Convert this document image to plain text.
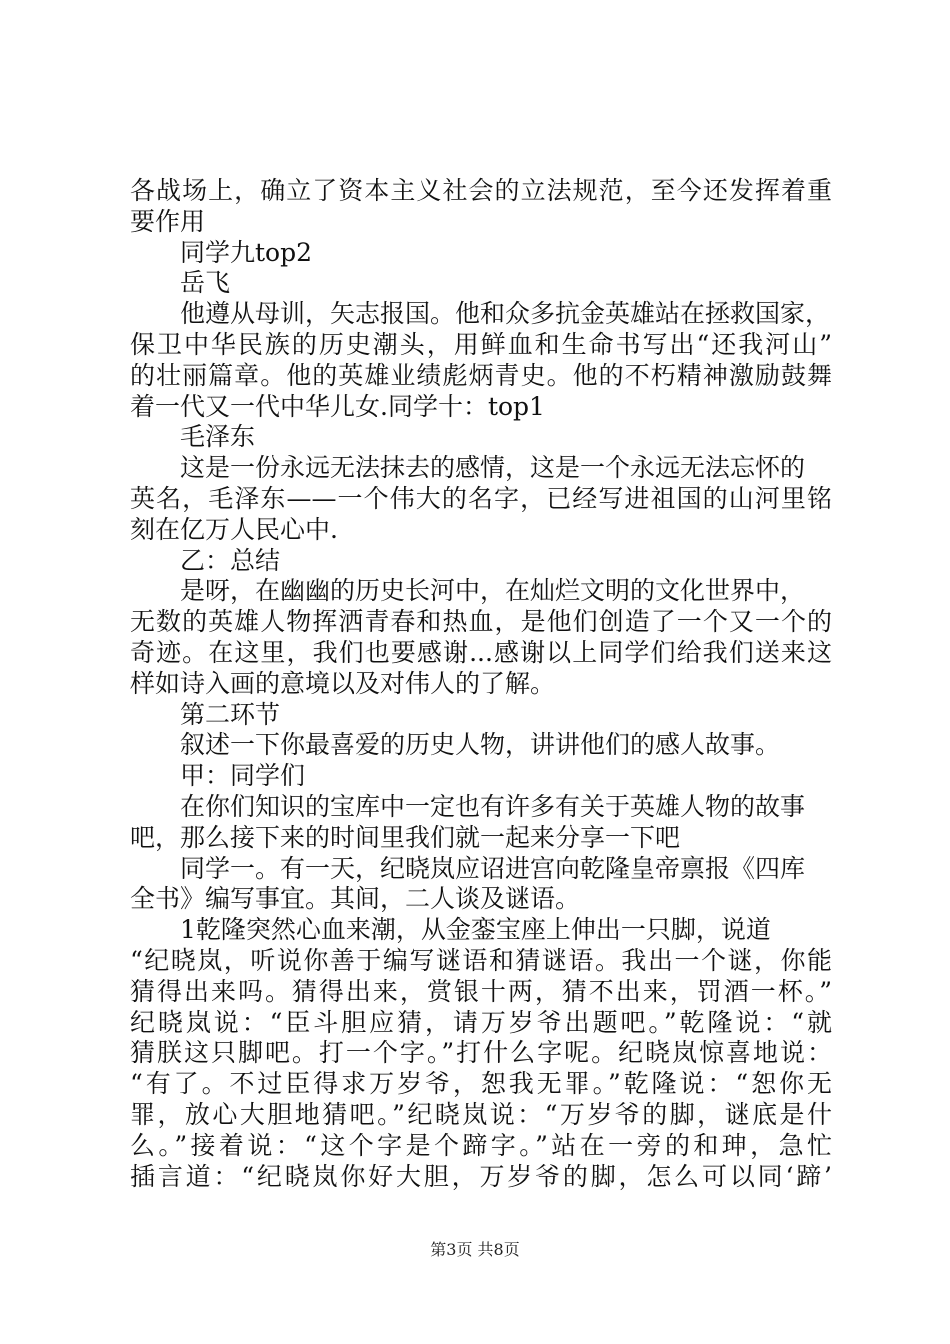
各战场上，确立了资本主义社会的立法规范，至今还发挥着重
要作用
同学九top2
岳飞
他遵从母训，矢志报国。他和众多抗金英雄站在拯救国家，
保卫中华民族的历史潮头，用鲜血和生命书写出“还我河山”
的壮丽篇章。他的英雄业绩彪炳青史。他的不朽精神激励鼓舞
着一代又一代中华儿女.同学十：top1
毛泽东
这是一份永远无法抹去的感情，这是一个永远无法忘怀的
英名，毛泽东——一个伟大的名字，已经写进祖国的山河里铭
刻在亿万人民心中.
乙：总结
是呀，在幽幽的历史长河中，在灿烂文明的文化世界中，
无数的英雄人物挥洒青春和热血，是他们创造了一个又一个的
奇迹。在这里，我们也要感谢...感谢以上同学们给我们送来这
样如诗入画的意境以及对伟人的了解。
第二环节
叙述一下你最喜爱的历史人物，讲讲他们的感人故事。
甲：同学们
在你们知识的宝库中一定也有许多有关于英雄人物的故事
吧，那么接下来的时间里我们就一起来分享一下吧
同学一。有一天，纪晓岚应诏进宫向乾隆皇帝禀报《四库
全书》编写事宜。其间，二人谈及谜语。
1乾隆突然心血来潮，从金銮宝座上伸出一只脚，说道
“纪晓岚，听说你善于编写谜语和猜谜语。我出一个谜，你能
猜得出来吗。猜得出来，赏银十两，猜不出来，罚酒一杯。”
纪晓岚说：“臣斗胆应猜，请万岁爷出题吧。”乾隆说：“就
猜朕这只脚吧。打一个字。”打什么字呢。纪晓岚惊喜地说：
“有了。不过臣得求万岁爷，恕我无罪。”乾隆说：“恕你无
罪，放心大胆地猜吧。”纪晓岚说：“万岁爷的脚，谜底是什
么。”接着说：“这个字是个蹄字。”站在一旁的和珅，急忙
插言道：“纪晓岚你好大胆，万岁爷的脚，怎么可以同‘蹄’
第3页 共8页
